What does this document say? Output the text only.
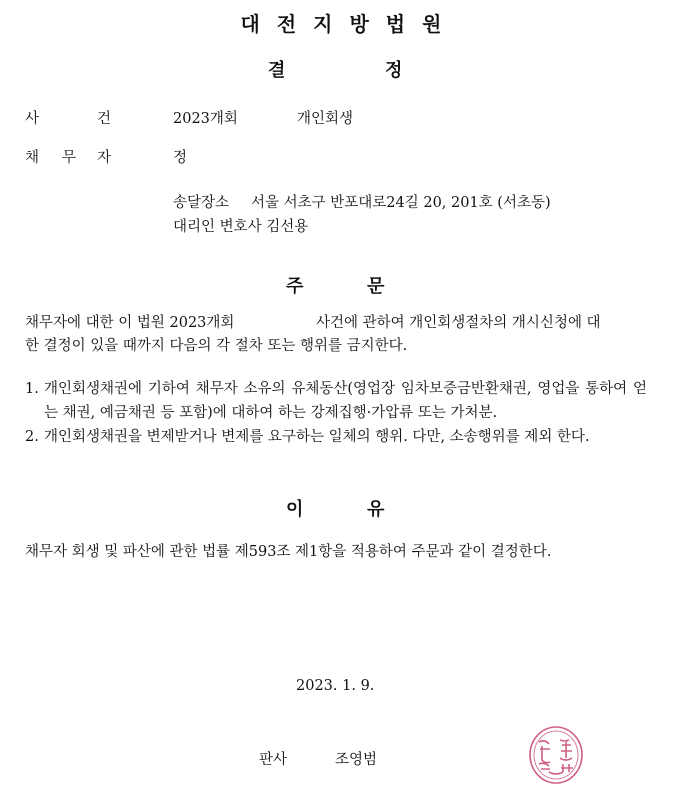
대전지방법원
결	정
사	건	2023개회	개인회생
채 무 자	정
송달장소 서울 서초구 반포대로24길 20, 201호 (서초동)
대리인 변호사 김선용
주	문
채무자에 대한 이 법원 2023개회	사건에 관하여 개인회생절차의 개시신청에 대
한 결정이 있을 때까지 다음의 각 절차 또는 행위를 금지한다.
1. 개인회생채권에 기하여 채무자 소유의 유체동산(영업장 임차보증금반환채권, 영업을 통하여 얻는 채권, 예금채권 등 포함)에 대하여 하는 강제집행·가압류 또는 가처분.
2. 개인회생채권을 변제받거나 변제를 요구하는 일체의 행위. 다만, 소송행위를 제외 한다.
이	유
채무자 회생 및 파산에 관한 법률 제593조 제1항을 적용하여 주문과 같이 결정한다.
2023. 1. 9.
판사	조영범
